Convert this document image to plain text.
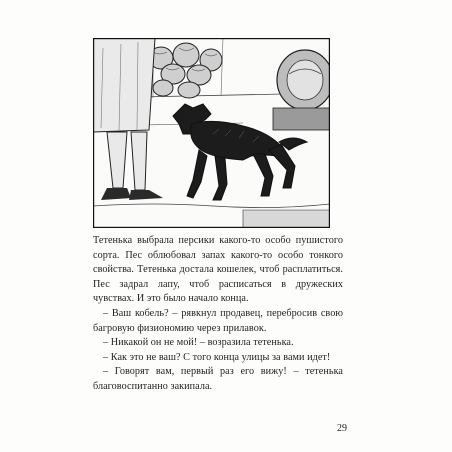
Тетенька выбрала персики какого-то особо пушистого сорта. Пес облюбовал запах какого-то особо тонкого свойства. Тетенька достала кошелек, чтоб расплатиться. Пес задрал лапу, чтоб расписаться в дружеских чувствах. И это было начало конца.

– Ваш кобель? – рявкнул продавец, перебросив свою багровую физиономию через прилавок.

– Никакой он не мой! – возразила тетенька.

– Как это не ваш? С того конца улицы за вами идет!

– Говорят вам, первый раз его вижу! – тетенька благовоспитанно закипала.

29
